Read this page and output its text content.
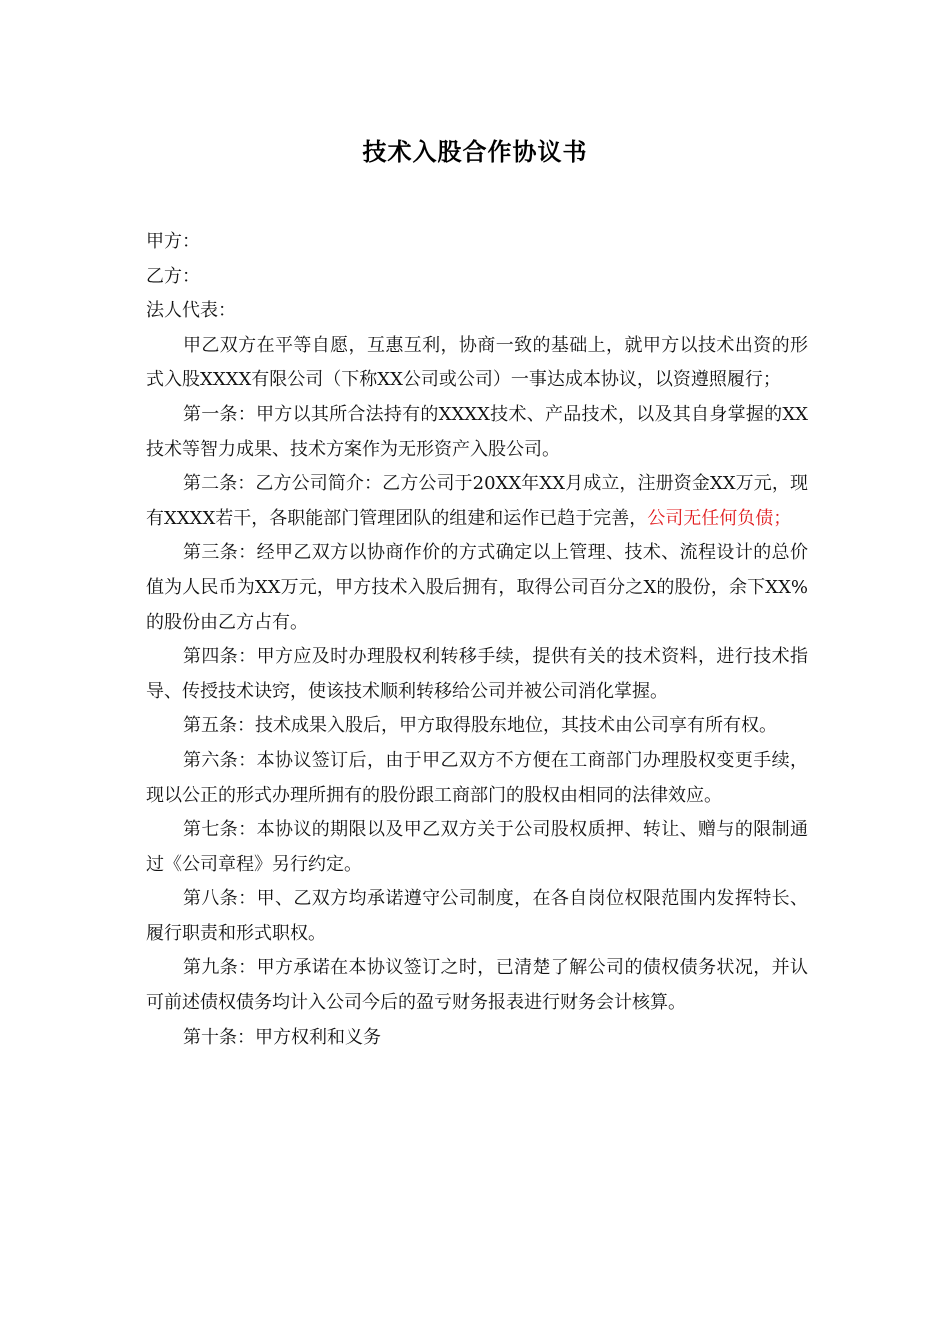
技术入股合作协议书

甲方：

乙方：

法人代表：

甲乙双方在平等自愿，互惠互利，协商一致的基础上，就甲方以技术出资的形式入股XXXX有限公司（下称XX公司或公司）一事达成本协议，以资遵照履行；

第一条：甲方以其所合法持有的XXXX技术、产品技术，以及其自身掌握的XX技术等智力成果、技术方案作为无形资产入股公司。

第二条：乙方公司简介：乙方公司于20XX年XX月成立，注册资金XX万元，现有XXXX若干，各职能部门管理团队的组建和运作已趋于完善，公司无任何负债；

第三条：经甲乙双方以协商作价的方式确定以上管理、技术、流程设计的总价值为人民币为XX万元，甲方技术入股后拥有，取得公司百分之X的股份，余下XX%的股份由乙方占有。

第四条：甲方应及时办理股权利转移手续，提供有关的技术资料，进行技术指导、传授技术诀窍，使该技术顺利转移给公司并被公司消化掌握。

第五条：技术成果入股后，甲方取得股东地位，其技术由公司享有所有权。

第六条：本协议签订后，由于甲乙双方不方便在工商部门办理股权变更手续，现以公正的形式办理所拥有的股份跟工商部门的股权由相同的法律效应。

第七条：本协议的期限以及甲乙双方关于公司股权质押、转让、赠与的限制通过《公司章程》另行约定。

第八条：甲、乙双方均承诺遵守公司制度，在各自岗位权限范围内发挥特长、履行职责和形式职权。

第九条：甲方承诺在本协议签订之时，已清楚了解公司的债权债务状况，并认可前述债权债务均计入公司今后的盈亏财务报表进行财务会计核算。

第十条：甲方权利和义务
